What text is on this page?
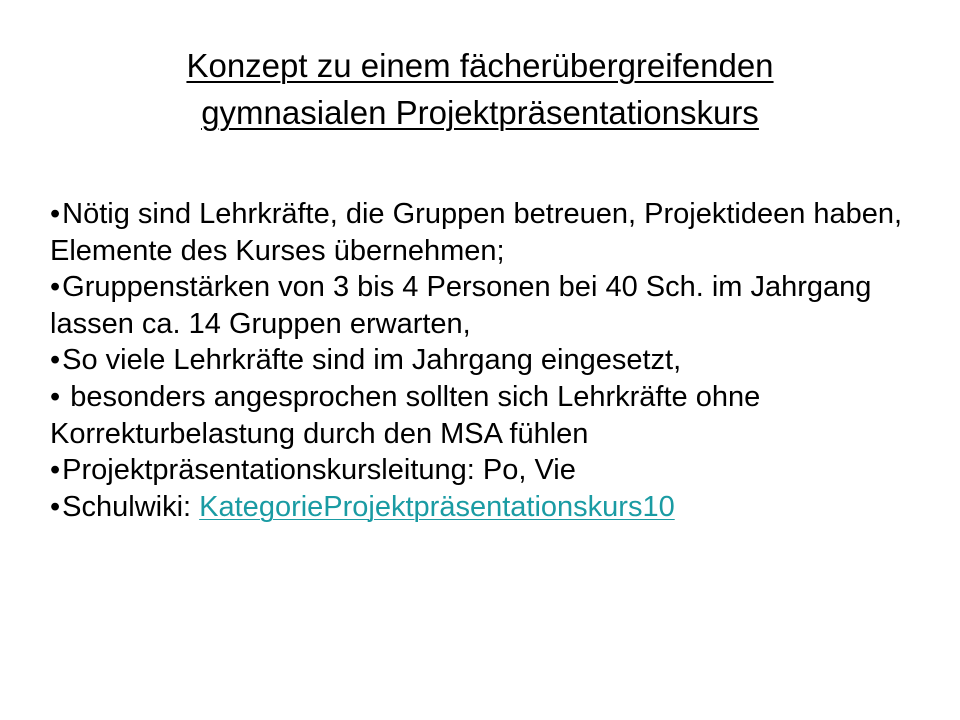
Konzept zu einem fächerübergreifenden
gymnasialen Projektpräsentationskurs
•Nötig sind Lehrkräfte, die Gruppen betreuen, Projektideen haben, Elemente des Kurses übernehmen;
•Gruppenstärken von 3 bis 4 Personen bei 40 Sch. im Jahrgang lassen ca. 14 Gruppen erwarten,
•So viele Lehrkräfte sind im Jahrgang eingesetzt,
• besonders angesprochen sollten sich Lehrkräfte ohne Korrekturbelastung durch den MSA fühlen
•Projektpräsentationskursleitung: Po, Vie
•Schulwiki: KategorieProjektpräsentationskurs10
